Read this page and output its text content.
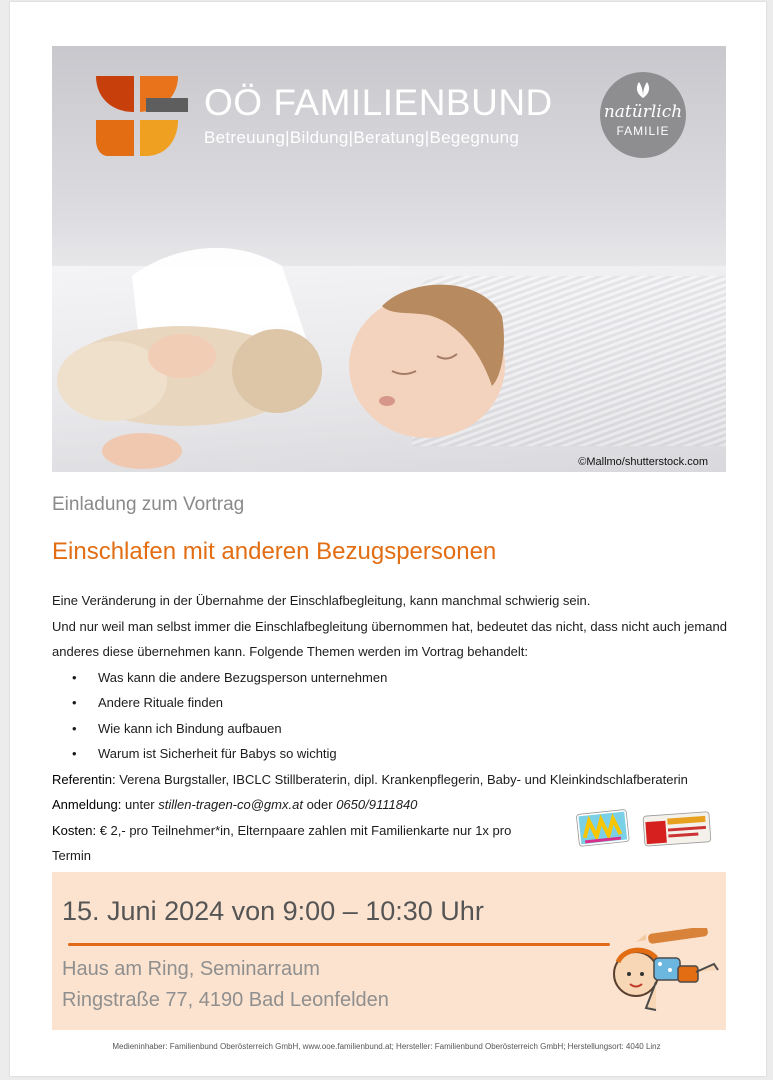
OÖ FAMILIENBUND
Betreuung|Bildung|Beratung|Begegnung
natürlich
FAMILIE
©Mallmo/shutterstock.com
Einladung zum Vortrag
Einschlafen mit anderen Bezugspersonen

Eine Veränderung in der Übernahme der Einschlafbegleitung, kann manchmal schwierig sein.

Und nur weil man selbst immer die Einschlafbegleitung übernommen hat, bedeutet das nicht, dass nicht auch jemand anderes diese übernehmen kann. Folgende Themen werden im Vortrag behandelt:

• Was kann die andere Bezugsperson unternehmen
• Andere Rituale finden
• Wie kann ich Bindung aufbauen
• Warum ist Sicherheit für Babys so wichtig

Referentin: Verena Burgstaller, IBCLC Stillberaterin, dipl. Krankenpflegerin, Baby- und Kleinkindschlafberaterin

Anmeldung: unter stillen-tragen-co@gmx.at oder 0650/9111840

Kosten: € 2,- pro Teilnehmer*in, Elternpaare zahlen mit Familienkarte nur 1x pro Termin

15. Juni 2024 von 9:00 – 10:30 Uhr
Haus am Ring, Seminarraum
Ringstraße 77, 4190 Bad Leonfelden
Medieninhaber: Familienbund Oberösterreich GmbH, www.ooe.familienbund.at; Hersteller: Familienbund Oberösterreich GmbH; Herstellungsort: 4040 Linz
